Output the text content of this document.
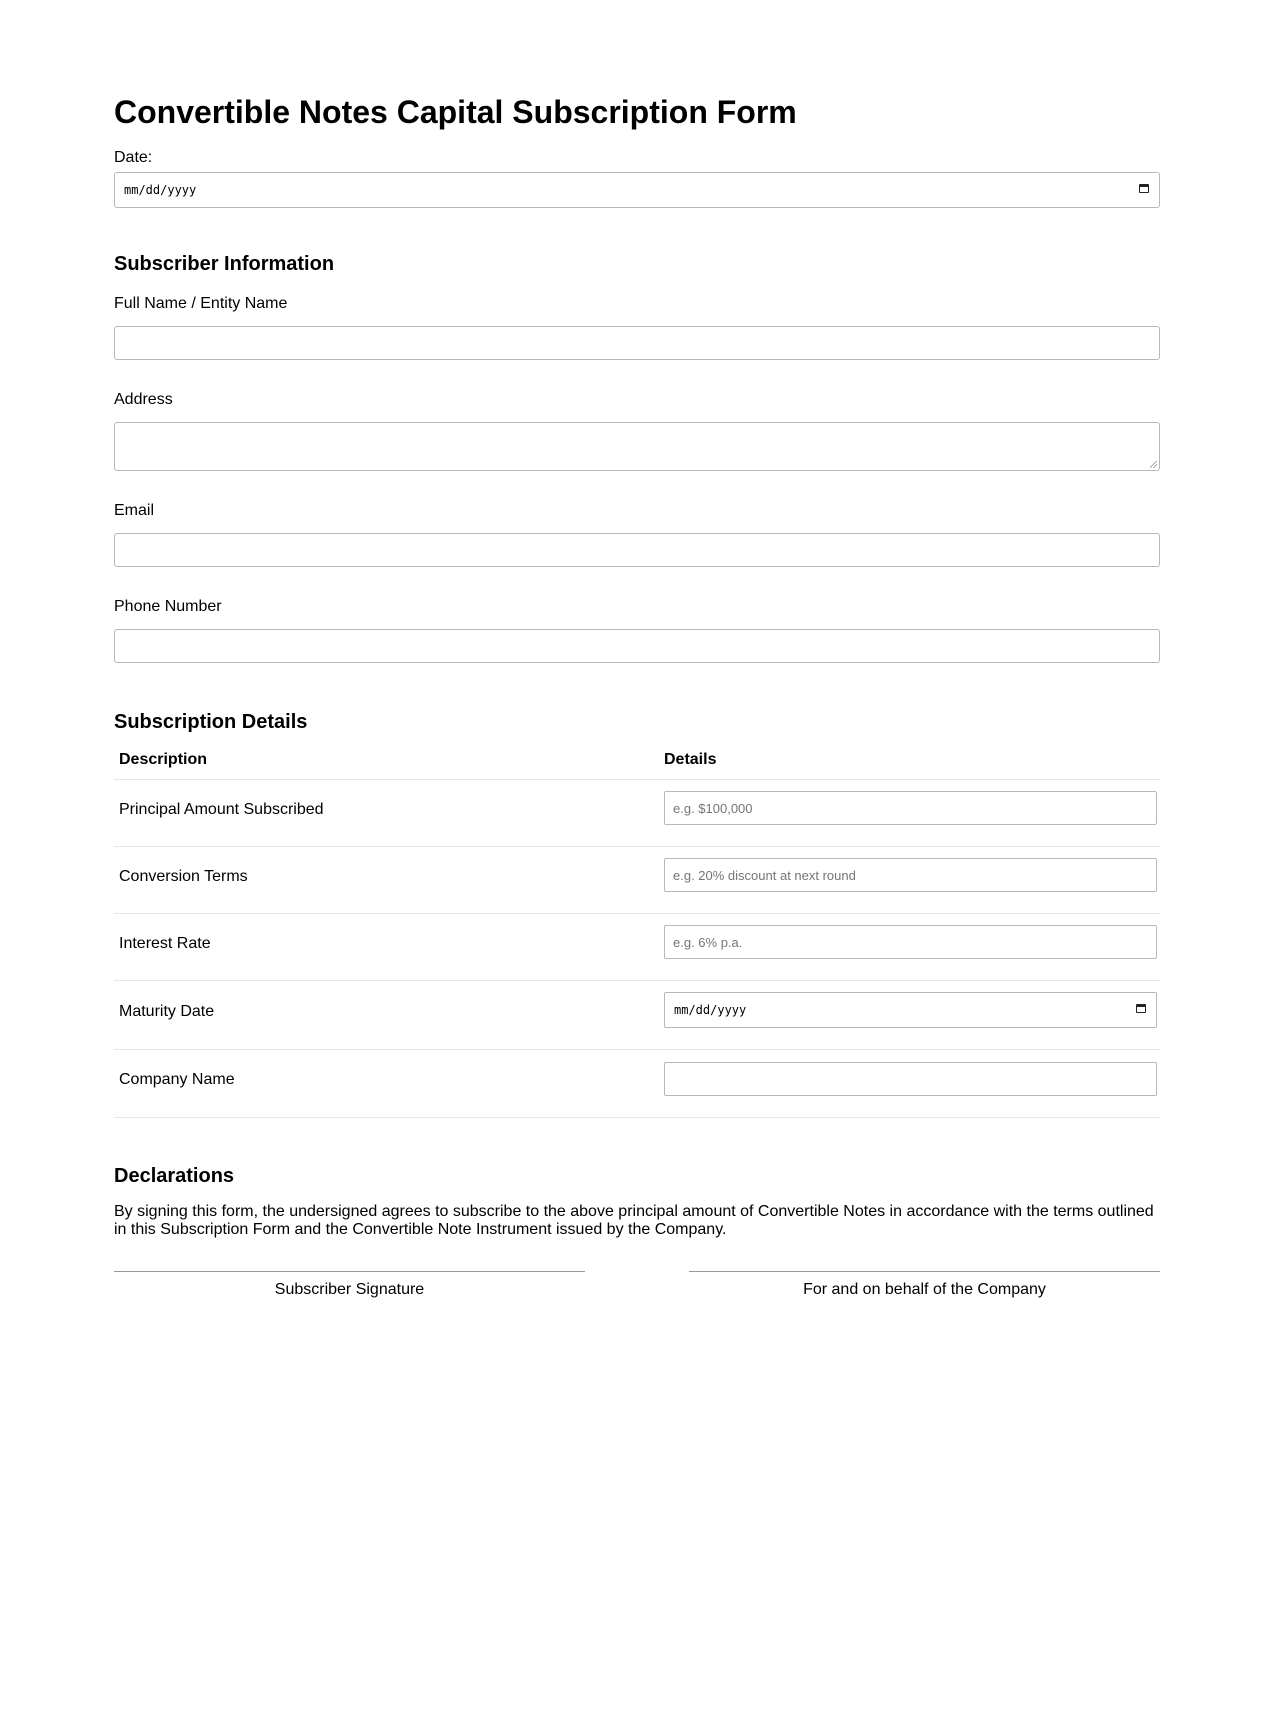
Convertible Notes Capital Subscription Form
Date:
mm/dd/yyyy
Subscriber Information
Full Name / Entity Name
Address
Email
Phone Number
Subscription Details
Description	Details
Principal Amount Subscribed	e.g. $100,000
Conversion Terms	e.g. 20% discount at next round
Interest Rate	e.g. 6% p.a.
Maturity Date	mm/dd/yyyy
Company Name
Declarations
By signing this form, the undersigned agrees to subscribe to the above principal amount of Convertible Notes in accordance with the terms outlined in this Subscription Form and the Convertible Note Instrument issued by the Company.
Subscriber Signature	For and on behalf of the Company
